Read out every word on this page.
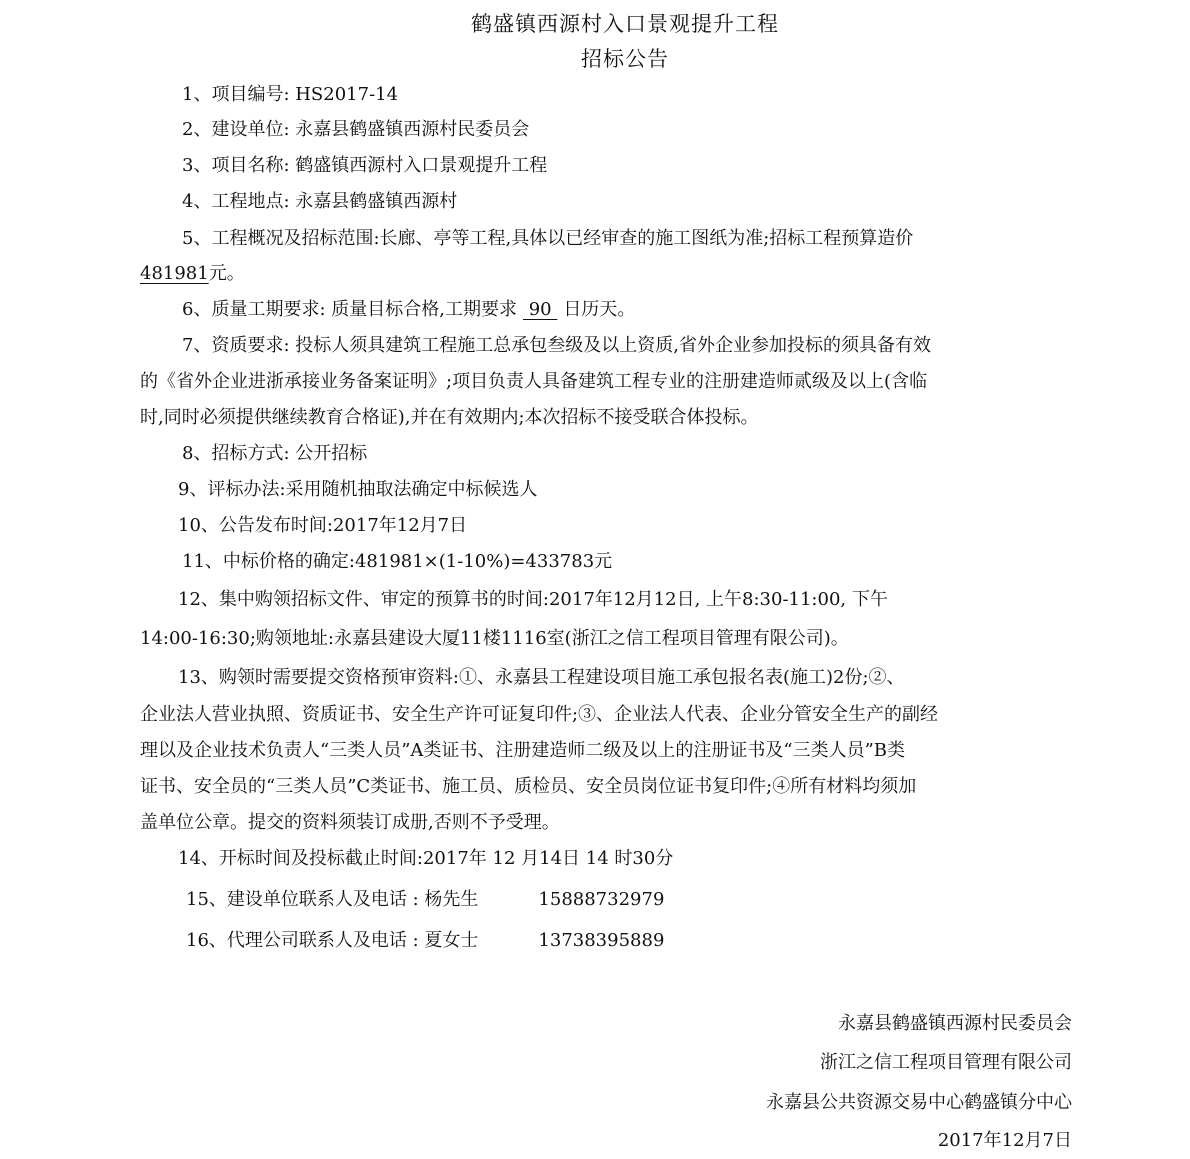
鹤盛镇西源村入口景观提升工程
招标公告
1、项目编号: HS2017-14
2、建设单位: 永嘉县鹤盛镇西源村民委员会
3、项目名称: 鹤盛镇西源村入口景观提升工程
4、工程地点: 永嘉县鹤盛镇西源村
5、工程概况及招标范围:长廊、亭等工程,具体以已经审查的施工图纸为准;招标工程预算造价
481981元。
6、质量工期要求: 质量目标合格,工期要求 90 日历天。
7、资质要求: 投标人须具建筑工程施工总承包叁级及以上资质,省外企业参加投标的须具备有效
的《省外企业进浙承接业务备案证明》;项目负责人具备建筑工程专业的注册建造师贰级及以上(含临
时,同时必须提供继续教育合格证),并在有效期内;本次招标不接受联合体投标。
8、招标方式: 公开招标
9、评标办法:采用随机抽取法确定中标候选人
10、公告发布时间:2017年12月7日
11、中标价格的确定:481981×(1-10%)=433783元
12、集中购领招标文件、审定的预算书的时间:2017年12月12日, 上午8:30-11:00, 下午
14:00-16:30;购领地址:永嘉县建设大厦11楼1116室(浙江之信工程项目管理有限公司)。
13、购领时需要提交资格预审资料:①、永嘉县工程建设项目施工承包报名表(施工)2份;②、
企业法人营业执照、资质证书、安全生产许可证复印件;③、企业法人代表、企业分管安全生产的副经
理以及企业技术负责人“三类人员”A类证书、注册建造师二级及以上的注册证书及“三类人员”B类
证书、安全员的“三类人员”C类证书、施工员、质检员、安全员岗位证书复印件;④所有材料均须加
盖单位公章。提交的资料须装订成册,否则不予受理。
14、开标时间及投标截止时间:2017年 12 月14日 14 时30分
15、建设单位联系人及电话 : 杨先生	15888732979
16、代理公司联系人及电话 : 夏女士	13738395889
永嘉县鹤盛镇西源村民委员会
浙江之信工程项目管理有限公司
永嘉县公共资源交易中心鹤盛镇分中心
2017年12月7日
